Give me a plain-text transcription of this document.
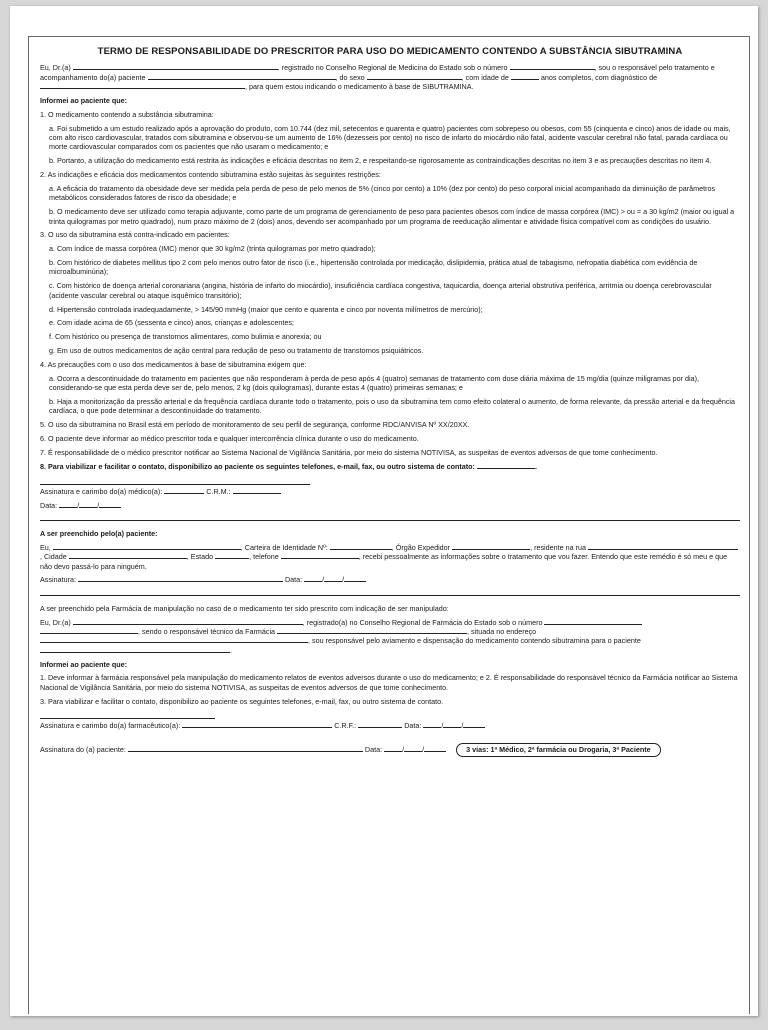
TERMO DE RESPONSABILIDADE DO PRESCRITOR PARA USO DO MEDICAMENTO CONTENDO A SUBSTÂNCIA SIBUTRAMINA

Eu, Dr.(a)	, registrado no Conselho Regional de Medicina do Estado sob o número	, sou o responsável pelo tratamento e acompanhamento do(a) paciente	, do sexo	, com idade de	anos completos, com diagnóstico de , para quem estou indicando o medicamento à base de SIBUTRAMINA.

Informei ao paciente que:

1. O medicamento contendo a substância sibutramina:

a. Foi submetido a um estudo realizado após a aprovação do produto, com 10.744 (dez mil, setecentos e quarenta e quatro) pacientes com sobrepeso ou obesos, com 55 (cinquenta e cinco) anos de idade ou mais, com alto risco cardiovascular, tratados com sibutramina e observou-se um aumento de 16% (dezesseis por cento) no risco de infarto do miocárdio não fatal, acidente vascular cerebral não fatal, parada cardíaca ou morte cardiovascular comparados com os pacientes que não usaram o medicamento; e

b. Portanto, a utilização do medicamento está restrita às indicações e eficácia descritas no item 2, e respeitando-se rigorosamente as contraindicações descritas no item 3 e as precauções descritas no item 4.

2. As indicações e eficácia dos medicamentos contendo sibutramina estão sujeitas às seguintes restrições:

a. A eficácia do tratamento da obesidade deve ser medida pela perda de peso de pelo menos de 5% (cinco por cento) a 10% (dez por cento) do peso corporal inicial acompanhado da diminuição de parâmetros metabólicos considerados fatores de risco da obesidade; e

b. O medicamento deve ser utilizado como terapia adjuvante, como parte de um programa de gerenciamento de peso para pacientes obesos com índice de massa corpórea (IMC) > ou = a 30 kg/m2 (maior ou igual a trinta quilogramas por metro quadrado), num prazo máximo de 2 (dois) anos, devendo ser acompanhado por um programa de reeducação alimentar e atividade física compatível com as condições do usuário.

3. O uso da sibutramina está contra-indicado em pacientes:

a. Com índice de massa corpórea (IMC) menor que 30 kg/m2 (trinta quilogramas por metro quadrado);

b. Com histórico de diabetes mellitus tipo 2 com pelo menos outro fator de risco (i.e., hipertensão controlada por medicação, dislipidemia, prática atual de tabagismo, nefropatia diabética com evidência de microalbuminúria);

c. Com histórico de doença arterial coronariana (angina, história de infarto do miocárdio), insuficiência cardíaca congestiva, taquicardia, doença arterial obstrutiva periférica, arritmia ou doença cerebrovascular (acidente vascular cerebral ou ataque isquêmico transitório);

d. Hipertensão controlada inadequadamente, > 145/90 mmHg (maior que cento e quarenta e cinco por noventa milímetros de mercúrio);

e. Com idade acima de 65 (sessenta e cinco) anos, crianças e adolescentes;

f. Com histórico ou presença de transtornos alimentares, como bulimia e anorexia; ou

g. Em uso de outros medicamentos de ação central para redução de peso ou tratamento de transtornos psiquiátricos.

4. As precauções com o uso dos medicamentos à base de sibutramina exigem que:

a. Ocorra a descontinuidade do tratamento em pacientes que não responderam à perda de peso após 4 (quatro) semanas de tratamento com dose diária máxima de 15 mg/dia (quinze miligramas por dia), considerando-se que esta perda deve ser de, pelo menos, 2 kg (dois quilogramas), durante estas 4 (quatro) primeiras semanas; e

b. Haja a monitorização da pressão arterial e da frequência cardíaca durante todo o tratamento, pois o uso da sibutramina tem como efeito colateral o aumento, de forma relevante, da pressão arterial e da frequência cardíaca, o que pode determinar a descontinuidade do tratamento.

5. O uso da sibutramina no Brasil está em período de monitoramento de seu perfil de segurança, conforme RDC/ANVISA Nº XX/20XX.

6. O paciente deve informar ao médico prescritor toda e qualquer intercorrência clínica durante o uso do medicamento.

7. É responsabilidade de o médico prescritor notificar ao Sistema Nacional de Vigilância Sanitária, por meio do sistema NOTIVISA, as suspeitas de eventos adversos de que tome conhecimento.

8. Para viabilizar e facilitar o contato, disponibilizo ao paciente os seguintes telefones, e-mail, fax, ou outro sistema de contato:	.

Assinatura e carimbo do(a) médico(a):	C.R.M.:

Data:	/	/

A ser preenchido pelo(a) paciente:

Eu,	, Carteira de Identidade Nº:	, Órgão Expedidor	, residente na rua , Cidade	, Estado	, telefone	, recebi pessoalmente as informações sobre o tratamento que vou fazer. Entendo que este remédio é só meu e que não devo passá-lo para ninguém.

Assinatura:	Data:	/	/

A ser preenchido pela Farmácia de manipulação no caso de o medicamento ter sido prescrito com indicação de ser manipulado:

Eu, Dr.(a)	, registrado(a) no Conselho Regional de Farmácia do Estado sob o número  , sendo o responsável técnico da Farmácia	, situada no endereço , sou responsável pelo aviamento e dispensação do medicamento contendo sibutramina para o paciente .

Informei ao paciente que:

1. Deve informar à farmácia responsável pela manipulação do medicamento relatos de eventos adversos durante o uso do medicamento; e 2. É responsabilidade do responsável técnico da Farmácia notificar ao Sistema Nacional de Vigilância Sanitária, por meio do sistema NOTIVISA, as suspeitas de eventos adversos de que tome conhecimento.

3. Para viabilizar e facilitar o contato, disponibilizo ao paciente os seguintes telefones, e-mail, fax, ou outro sistema de contato.

Assinatura e carimbo do(a) farmacêutico(a):	C.R.F.:	Data:	/	/

Assinatura do (a) paciente:

	Data:
	/	/	3 vias: 1ª Médico, 2ª farmácia ou Drogaria, 3ª Paciente
